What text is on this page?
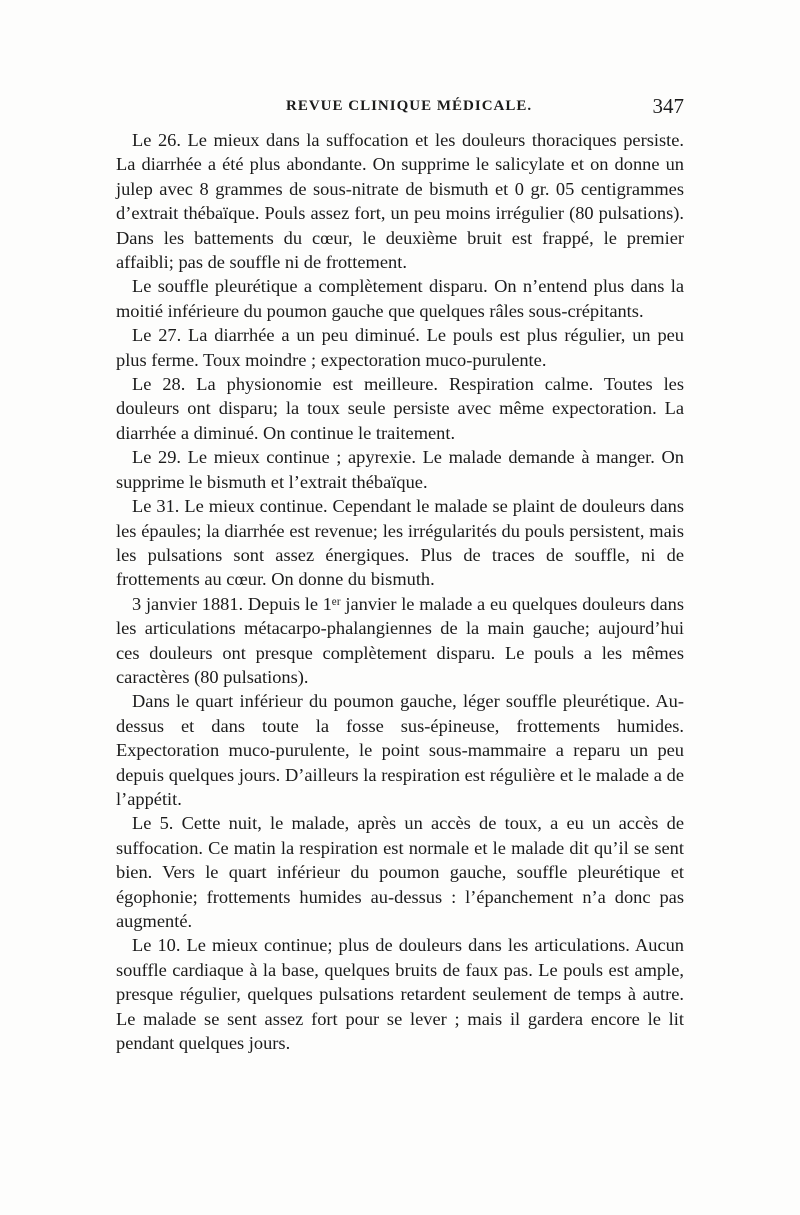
REVUE CLINIQUE MÉDICALE.	347

Le 26. Le mieux dans la suffocation et les douleurs thoraciques persiste. La diarrhée a été plus abondante. On supprime le salicylate et on donne un julep avec 8 grammes de sous-nitrate de bismuth et 0 gr. 05 centigrammes d’extrait thébaïque. Pouls assez fort, un peu moins irrégulier (80 pulsations). Dans les battements du cœur, le deuxième bruit est frappé, le premier affaibli; pas de souffle ni de frottement.

Le souffle pleurétique a complètement disparu. On n’entend plus dans la moitié inférieure du poumon gauche que quelques râles sous-crépitants.

Le 27. La diarrhée a un peu diminué. Le pouls est plus régulier, un peu plus ferme. Toux moindre ; expectoration muco-purulente.

Le 28. La physionomie est meilleure. Respiration calme. Toutes les douleurs ont disparu; la toux seule persiste avec même expectoration. La diarrhée a diminué. On continue le traitement.

Le 29. Le mieux continue ; apyrexie. Le malade demande à manger. On supprime le bismuth et l’extrait thébaïque.

Le 31. Le mieux continue. Cependant le malade se plaint de douleurs dans les épaules; la diarrhée est revenue; les irrégularités du pouls persistent, mais les pulsations sont assez énergiques. Plus de traces de souffle, ni de frottements au cœur. On donne du bismuth.

3 janvier 1881. Depuis le 1ᵉʳ janvier le malade a eu quelques douleurs dans les articulations métacarpo-phalangiennes de la main gauche; aujourd’hui ces douleurs ont presque complètement disparu. Le pouls a les mêmes caractères (80 pulsations).

Dans le quart inférieur du poumon gauche, léger souffle pleurétique. Au-dessus et dans toute la fosse sus-épineuse, frottements humides. Expectoration muco-purulente, le point sous-mammaire a reparu un peu depuis quelques jours. D’ailleurs la respiration est régulière et le malade a de l’appétit.

Le 5. Cette nuit, le malade, après un accès de toux, a eu un accès de suffocation. Ce matin la respiration est normale et le malade dit qu’il se sent bien. Vers le quart inférieur du poumon gauche, souffle pleurétique et égophonie; frottements humides au-dessus : l’épanchement n’a donc pas augmenté.

Le 10. Le mieux continue; plus de douleurs dans les articulations. Aucun souffle cardiaque à la base, quelques bruits de faux pas. Le pouls est ample, presque régulier, quelques pulsations retardent seulement de temps à autre. Le malade se sent assez fort pour se lever ; mais il gardera encore le lit pendant quelques jours.
